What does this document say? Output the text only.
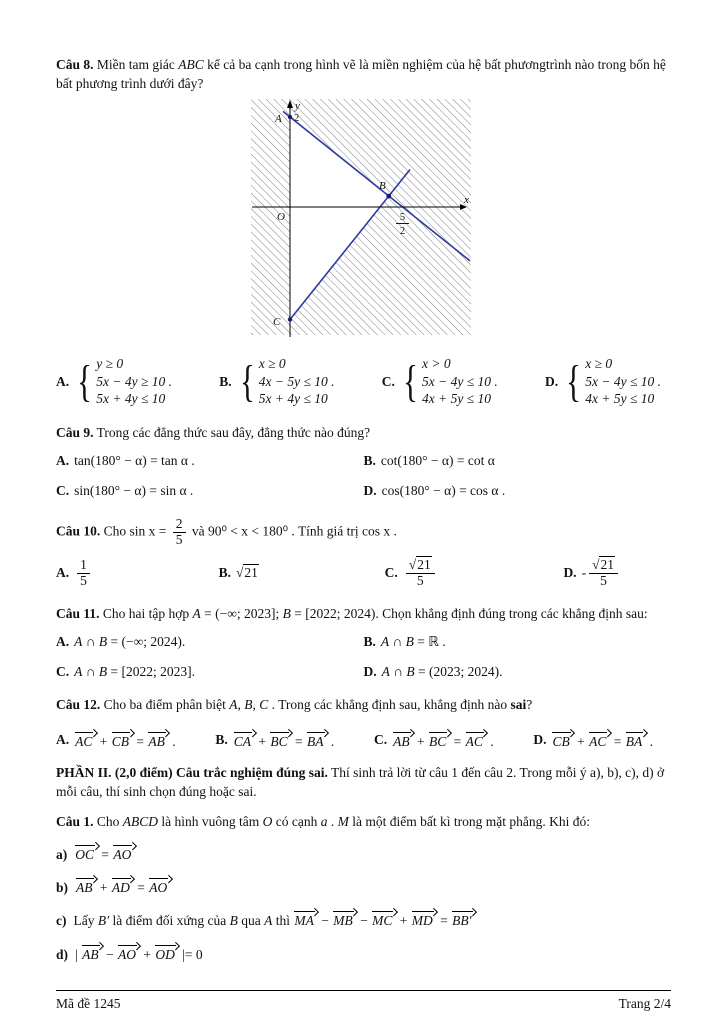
Câu 8. Miền tam giác ABC kể cả ba cạnh trong hình vẽ là miền nghiệm của hệ bất phươngtrình nào trong bốn hệ bất phương trình dưới đây?

y
x
A 2
B
C
O	5
2
A. { y ≥ 0
5x − 4y ≥ 10 .
5x + 4y ≤ 10
B. { x ≥ 0
4x − 5y ≤ 10 .
5x + 4y ≤ 10
C. { x > 0
5x − 4y ≤ 10 .
4x + 5y ≤ 10
D. { x ≥ 0
5x − 4y ≤ 10 .
4x + 5y ≤ 10

Câu 9. Trong các đẳng thức sau đây, đẳng thức nào đúng?

A. tan(180° − α) = tan α .	B. cot(180° − α) = cot α
C. sin(180° − α) = sin α .	D. cos(180° − α) = cos α .

Câu 10. Cho $\sin x = \frac{2}{5}$ và 90⁰ < x < 180⁰ . Tính giá trị cos x .

A. $\frac{1}{5}$	B. √21	C. $\frac{√21}{5}$	D. - $\frac{√21}{5}$

Câu 11. Cho hai tập hợp A = (−∞; 2023]; B = [2022; 2024). Chọn khẳng định đúng trong các khẳng định sau:

A. A ∩ B = (−∞; 2024).	B. A ∩ B = ℝ .
C. A ∩ B = [2022; 2023].	D. A ∩ B = (2023; 2024).

Câu 12. Cho ba điểm phân biệt A, B, C . Trong các khẳng định sau, khẳng định nào sai?

A. AC + CB = AB .	B. CA + BC = BA .	C. AB + BC = AC .	D. CB + AC = BA .

PHẦN II. (2,0 điểm) Câu trắc nghiệm đúng sai. Thí sinh trả lời từ câu 1 đến câu 2. Trong mỗi ý a), b), c), d) ở mỗi câu, thí sinh chọn đúng hoặc sai.

Câu 1. Cho ABCD là hình vuông tâm O có cạnh a . M là một điểm bất kì trong mặt phẳng. Khi đó:

a) OC = AO

b) AB + AD = AO

c) Lấy B′ là điểm đối xứng của B qua A thì MA − MB − MC + MD = BB'

d) | AB − AO + OD |= 0

Mã đề 1245	Trang 2/4
